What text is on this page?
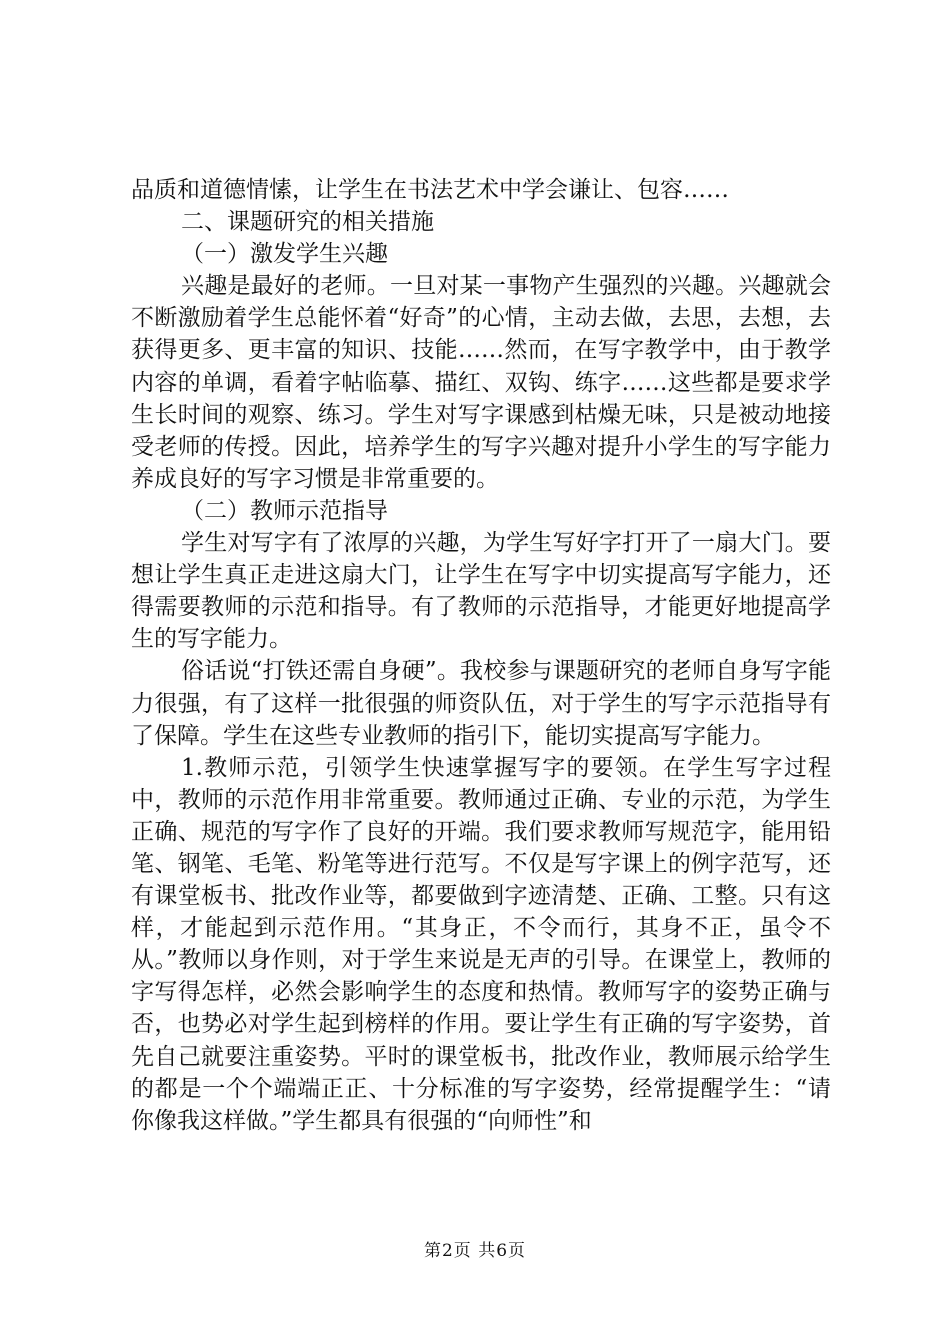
品质和道德情愫，让学生在书法艺术中学会谦让、包容……

二、课题研究的相关措施

（一）激发学生兴趣

兴趣是最好的老师。一旦对某一事物产生强烈的兴趣。兴趣就会不断激励着学生总能怀着“好奇”的心情，主动去做，去思，去想，去获得更多、更丰富的知识、技能……然而，在写字教学中，由于教学内容的单调，看着字帖临摹、描红、双钩、练字……这些都是要求学生长时间的观察、练习。学生对写字课感到枯燥无味，只是被动地接受老师的传授。因此，培养学生的写字兴趣对提升小学生的写字能力养成良好的写字习惯是非常重要的。

（二）教师示范指导

学生对写字有了浓厚的兴趣，为学生写好字打开了一扇大门。要想让学生真正走进这扇大门，让学生在写字中切实提高写字能力，还得需要教师的示范和指导。有了教师的示范指导，才能更好地提高学生的写字能力。

俗话说“打铁还需自身硬”。我校参与课题研究的老师自身写字能力很强，有了这样一批很强的师资队伍，对于学生的写字示范指导有了保障。学生在这些专业教师的指引下，能切实提高写字能力。

1.教师示范，引领学生快速掌握写字的要领。在学生写字过程中，教师的示范作用非常重要。教师通过正确、专业的示范，为学生正确、规范的写字作了良好的开端。我们要求教师写规范字，能用铅笔、钢笔、毛笔、粉笔等进行范写。不仅是写字课上的例字范写，还有课堂板书、批改作业等，都要做到字迹清楚、正确、工整。只有这样，才能起到示范作用。“其身正，不令而行，其身不正，虽令不从。”教师以身作则，对于学生来说是无声的引导。在课堂上，教师的字写得怎样，必然会影响学生的态度和热情。教师写字的姿势正确与否，也势必对学生起到榜样的作用。要让学生有正确的写字姿势，首先自己就要注重姿势。平时的课堂板书，批改作业，教师展示给学生的都是一个个端端正正、十分标准的写字姿势，经常提醒学生：“请你像我这样做。”学生都具有很强的“向师性”和

第2页 共6页
